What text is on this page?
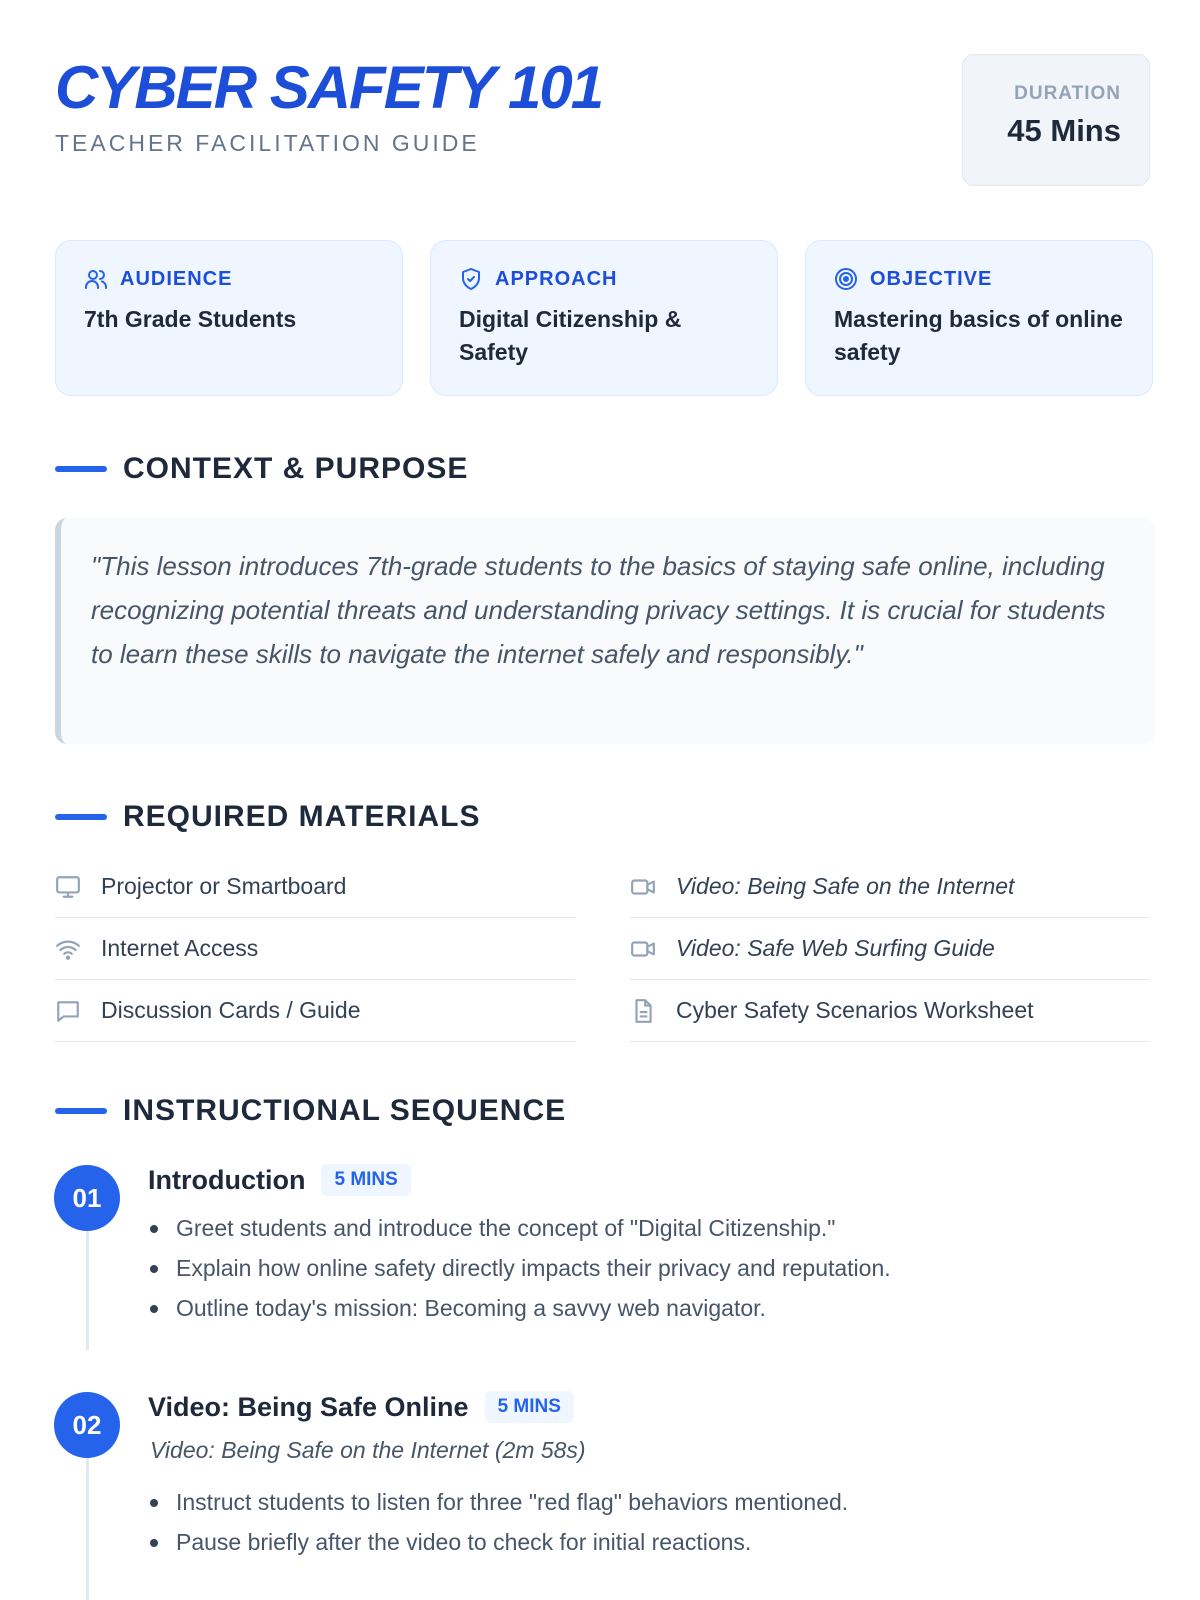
CYBER SAFETY 101
TEACHER FACILITATION GUIDE
DURATION
45 Mins
AUDIENCE
7th Grade Students
APPROACH
Digital Citizenship & Safety
OBJECTIVE
Mastering basics of online safety
CONTEXT & PURPOSE
"This lesson introduces 7th-grade students to the basics of staying safe online, including recognizing potential threats and understanding privacy settings. It is crucial for students to learn these skills to navigate the internet safely and responsibly."
REQUIRED MATERIALS
Projector or Smartboard	Video: Being Safe on the Internet
Internet Access	Video: Safe Web Surfing Guide
Discussion Cards / Guide	Cyber Safety Scenarios Worksheet
INSTRUCTIONAL SEQUENCE
01
Introduction	5 MINS
Greet students and introduce the concept of "Digital Citizenship."
Explain how online safety directly impacts their privacy and reputation.
Outline today's mission: Becoming a savvy web navigator.
02
Video: Being Safe Online	5 MINS
Video: Being Safe on the Internet (2m 58s)
Instruct students to listen for three "red flag" behaviors mentioned.
Pause briefly after the video to check for initial reactions.
